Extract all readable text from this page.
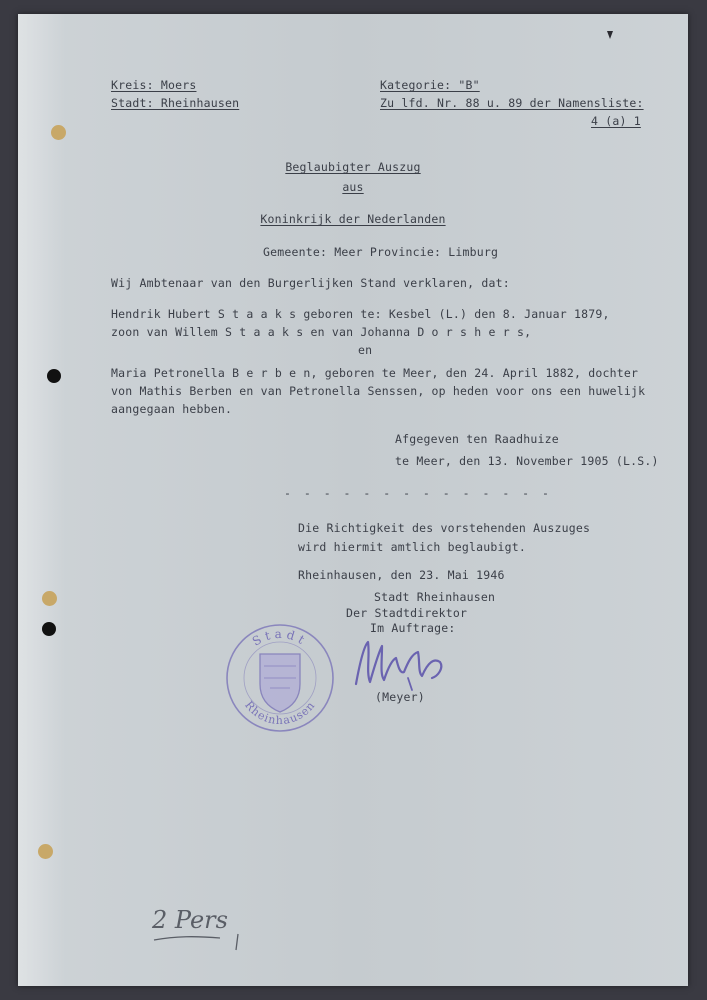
Kreis: Moers
Stadt: Rheinhausen
Kategorie: "B"
Zu lfd. Nr. 88 u. 89 der Namensliste:
4 (a) 1
Beglaubigter Auszug
aus
Koninkrijk der Nederlanden
Gemeente: Meer Provincie: Limburg
Wij Ambtenaar van den Burgerlijken Stand verklaren, dat:
Hendrik Hubert S t a a k s geboren te: Kesbel (L.) den 8. Januar 1879,
zoon van Willem S t a a k s en van Johanna D o r s h e r s,
en
Maria Petronella B e r b e n, geboren te Meer, den 24. April 1882, dochter
von Mathis Berben en van Petronella Senssen, op heden voor ons een huwelijk
aangegaan hebben.
Afgegeven ten Raadhuize
te Meer, den 13. November 1905 (L.S.)
- - - - - - - - - - - - - -
Die Richtigkeit des vorstehenden Auszuges
wird hiermit amtlich beglaubigt.
Rheinhausen, den 23. Mai 1946
Stadt Rheinhausen
Der Stadtdirektor
Im Auftrage:
(Meyer)
Stadt
Rheinhausen
2 Pers
